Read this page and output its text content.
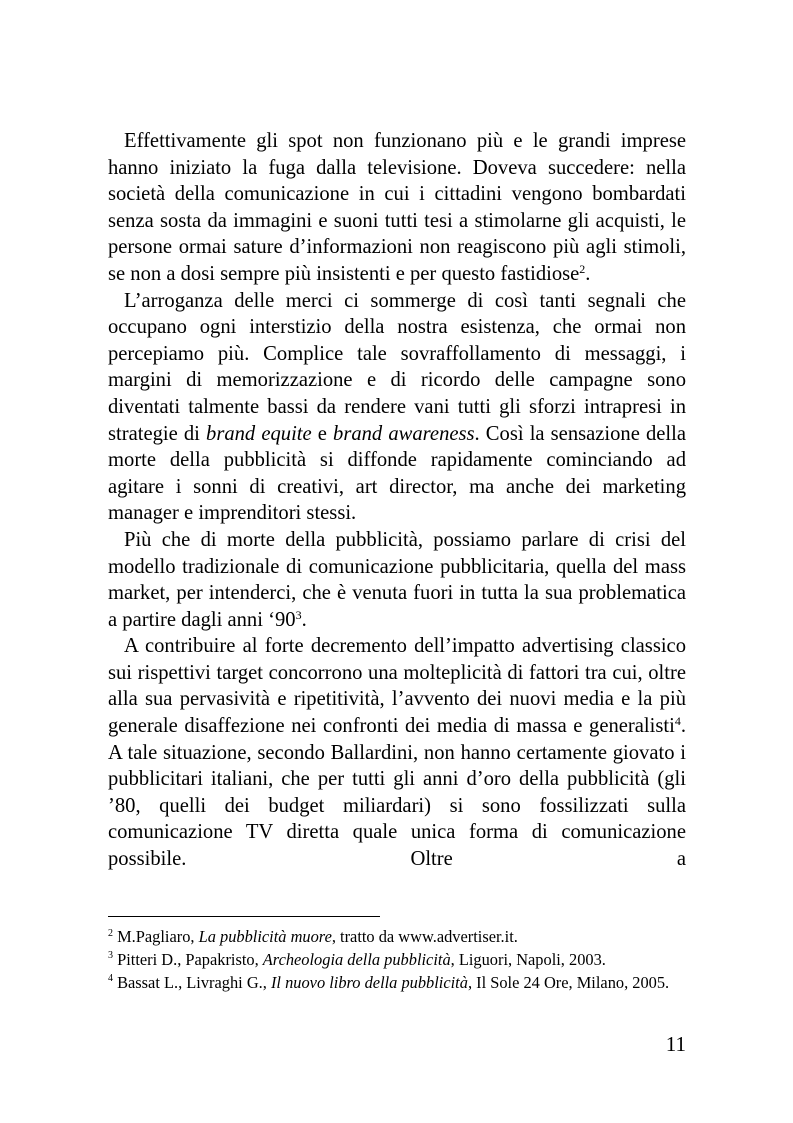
Effettivamente gli spot non funzionano più e le grandi imprese hanno iniziato la fuga dalla televisione. Doveva succedere: nella società della comunicazione in cui i cittadini vengono bombardati senza sosta da immagini e suoni tutti tesi a stimolarne gli acquisti, le persone ormai sature d’informazioni non reagiscono più agli stimoli, se non a dosi sempre più insistenti e per questo fastidiose$^2$.

L’arroganza delle merci ci sommerge di così tanti segnali che occupano ogni interstizio della nostra esistenza, che ormai non percepiamo più. Complice tale sovraffollamento di messaggi, i margini di memorizzazione e di ricordo delle campagne sono diventati talmente bassi da rendere vani tutti gli sforzi intrapresi in strategie di brand equite e brand awareness. Così la sensazione della morte della pubblicità si diffonde rapidamente cominciando ad agitare i sonni di creativi, art director, ma anche dei marketing manager e imprenditori stessi.

Più che di morte della pubblicità, possiamo parlare di crisi del modello tradizionale di comunicazione pubblicitaria, quella del mass market, per intenderci, che è venuta fuori in tutta la sua problematica a partire dagli anni ‘$90^3$.

A contribuire al forte decremento dell’impatto advertising classico sui rispettivi target concorrono una molteplicità di fattori tra cui, oltre alla sua pervasività e ripetitività, l’avvento dei nuovi media e la più generale disaffezione nei confronti dei media di massa e generalisti$^4$. A tale situazione, secondo Ballardini, non hanno certamente giovato i pubblicitari italiani, che per tutti gli anni d’oro della pubblicità (gli ’80, quelli dei budget miliardari) si sono fossilizzati sulla comunicazione TV diretta quale unica forma di comunicazione possibile. Oltre a

$^2$ M.Pagliaro, La pubblicità muore, tratto da www.advertiser.it.

$^3$ Pitteri D., Papakristo, Archeologia della pubblicità, Liguori, Napoli, 2003.

$^4$ Bassat L., Livraghi G., Il nuovo libro della pubblicità, Il Sole 24 Ore, Milano, 2005.

11
